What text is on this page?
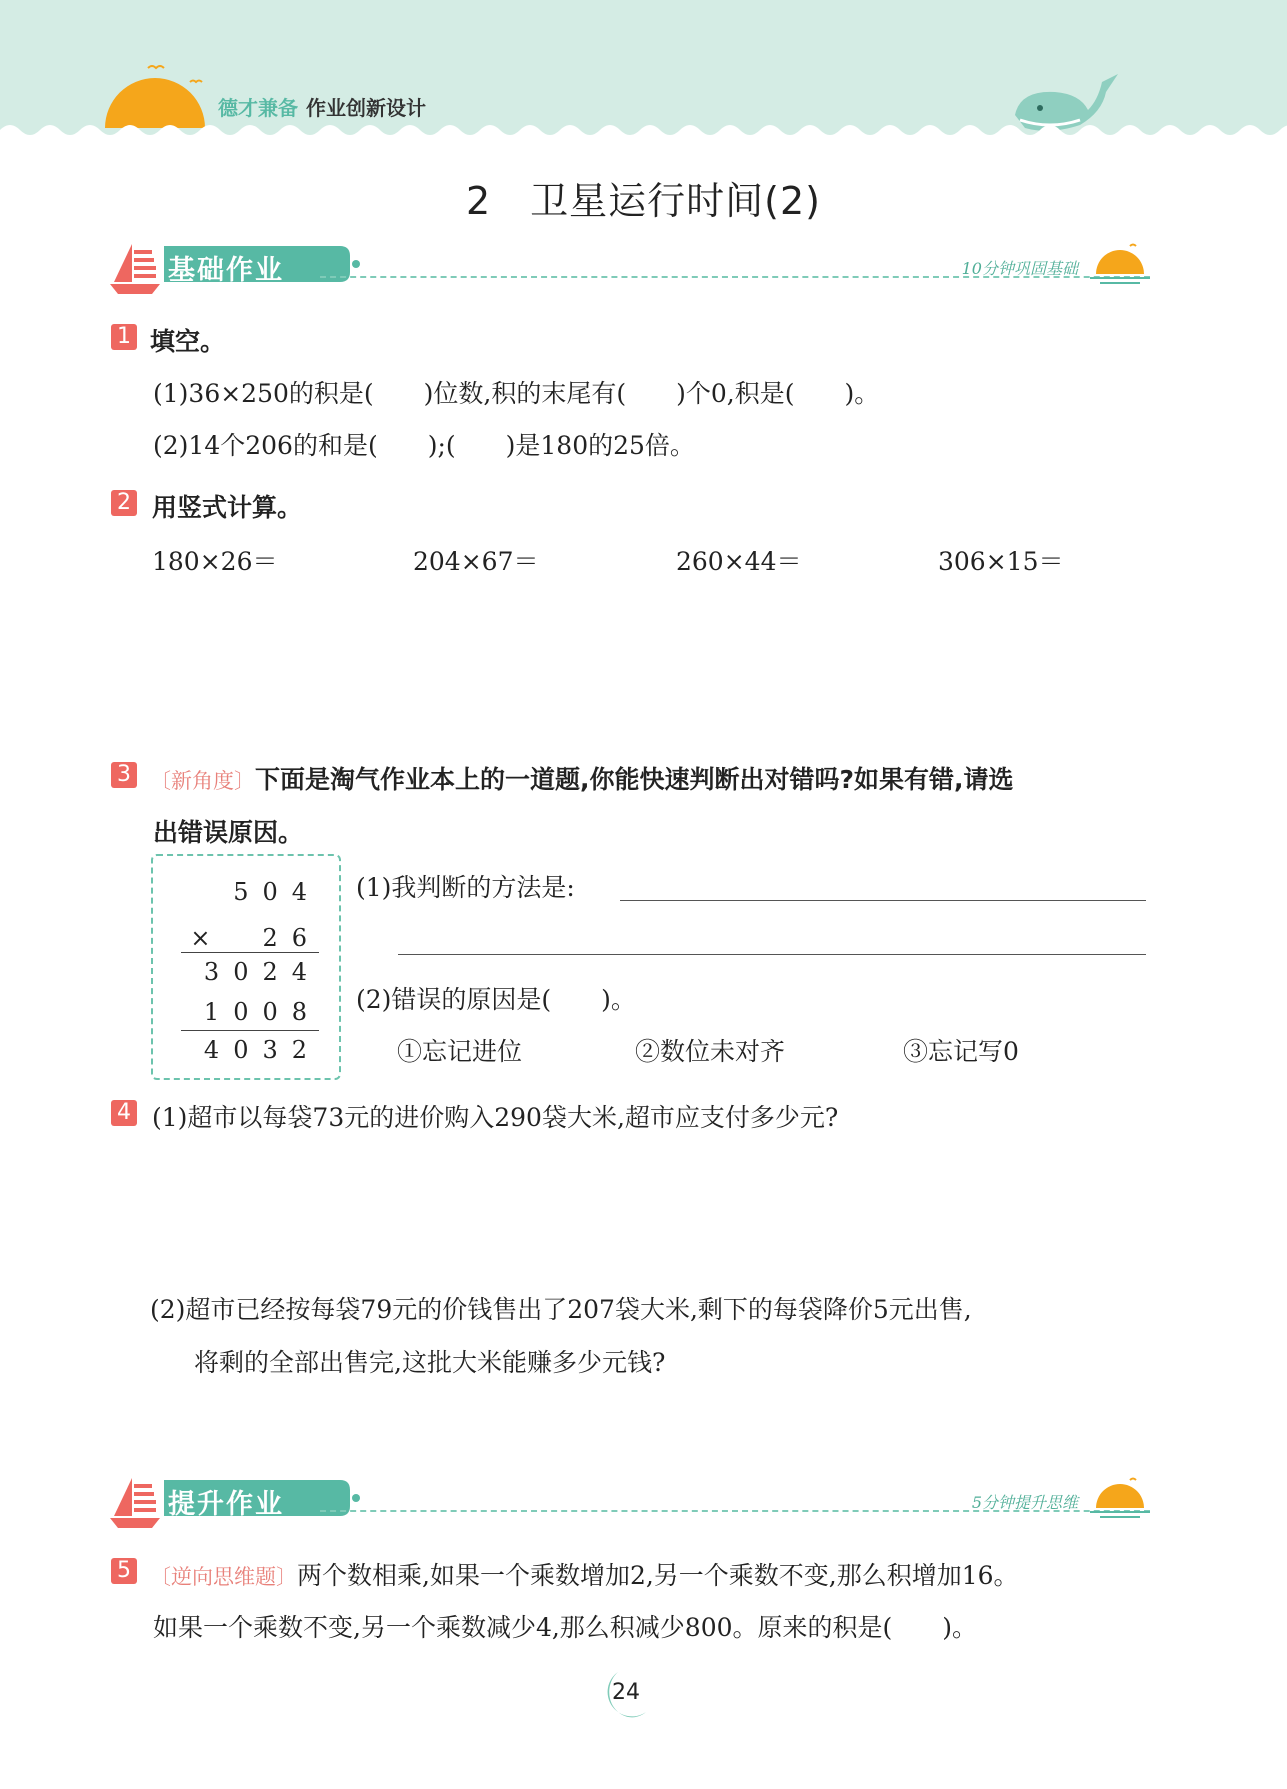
德才兼备 作业创新设计
2　卫星运行时间(2)
基础作业	10分钟巩固基础
1 填空。
(1)36×250的积是(　　)位数,积的末尾有(　　)个0,积是(　　)。
(2)14个206的和是(　　);(　　)是180的25倍。
2 用竖式计算。
180×26＝	204×67＝	260×44＝	306×15＝
3 〔新角度〕下面是淘气作业本上的一道题,你能快速判断出对错吗?如果有错,请选
出错误原因。
504
×　26
3024
1008
4032
(1)我判断的方法是:
(2)错误的原因是(　　)。
①忘记进位	②数位未对齐	③忘记写0
4 (1)超市以每袋73元的进价购入290袋大米,超市应支付多少元?
(2)超市已经按每袋79元的价钱售出了207袋大米,剩下的每袋降价5元出售,
将剩的全部出售完,这批大米能赚多少元钱?
提升作业	5分钟提升思维
5 〔逆向思维题〕两个数相乘,如果一个乘数增加2,另一个乘数不变,那么积增加16。
如果一个乘数不变,另一个乘数减少4,那么积减少800。原来的积是(　　)。
24
